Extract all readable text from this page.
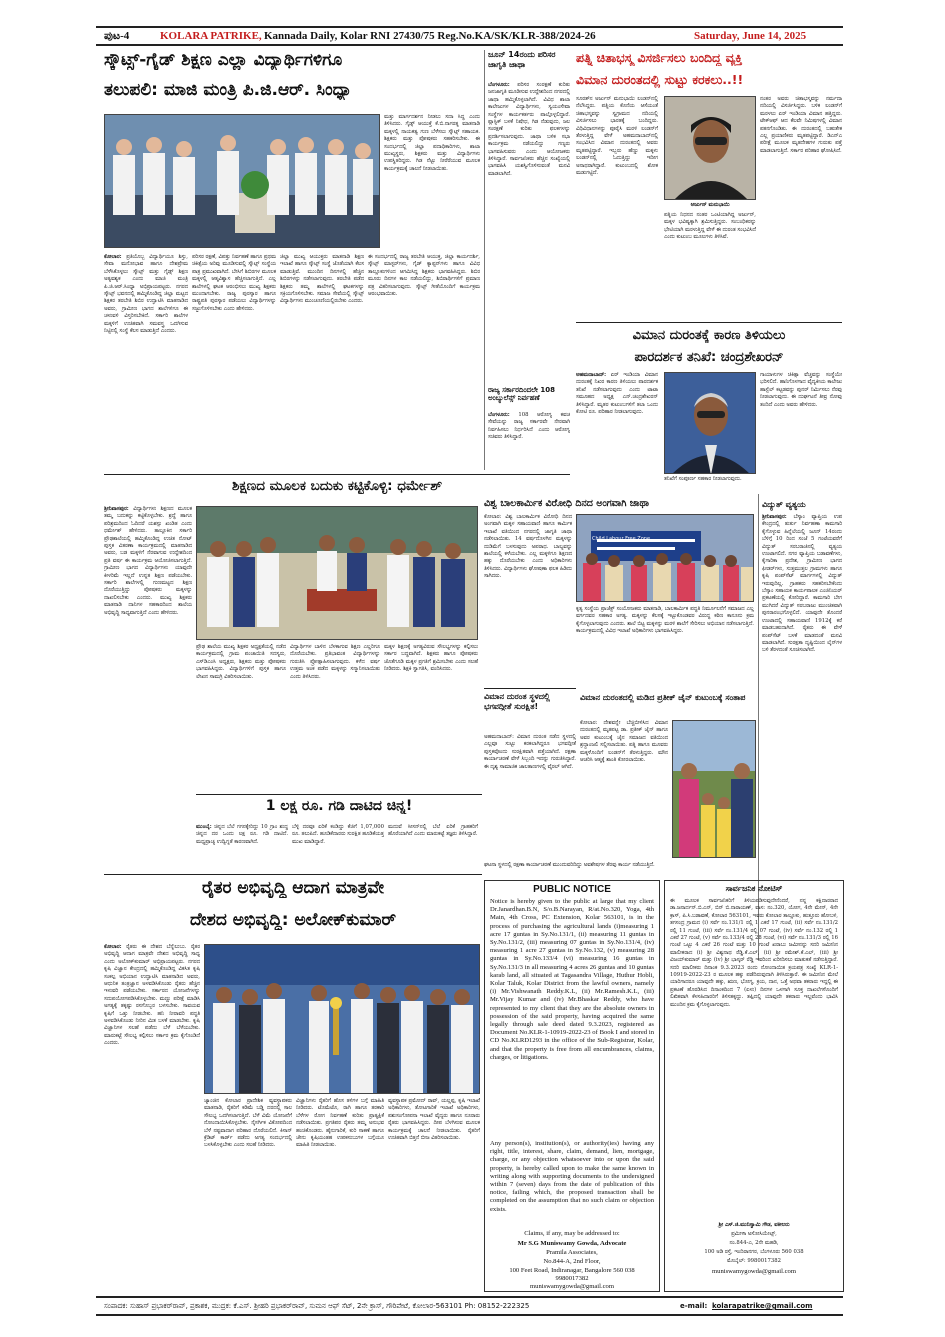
ಪುಟ-4	KOLARA PATRIKE, Kannada Daily, Kolar RNI 27430/75 Reg.No.KA/SK/KLR-388/2024-26	Saturday, June 14, 2025
ಸ್ಕೌಟ್ಸ್-ಗೈಡ್ ಶಿಕ್ಷಣ ಎಲ್ಲಾ ವಿದ್ಯಾರ್ಥಿಗಳಿಗೂ
ತಲುಪಲಿ: ಮಾಜಿ ಮಂತ್ರಿ ಪಿ.ಜಿ.ಆರ್. ಸಿಂಧ್ಯಾ
ಮತ್ತು ಮಾರ್ಗದರ್ಶನ ನೀಡಲು ಸದಾ ಸಿದ್ಧ ಎಂದು ತಿಳಿಸಿದರು. ಗೈಡ್ಸ್ ಆಯುಕ್ತೆ ಕೆ.ಬಿ.ನಾಗರತ್ನ ಮಾತನಾಡಿ ಮಕ್ಕಳಲ್ಲಿ ನಾಯಕತ್ವ ಗುಣ ಬೆಳೆಸಲು ಸ್ಕೌಟ್ಸ್ ಸಹಾಯಕ. ಶಿಕ್ಷಕರು ಮತ್ತು ಪೋಷಕರು ಸಹಕರಿಸಬೇಕು. ಈ ಸಂದರ್ಭದಲ್ಲಿ ಜಿಲ್ಲಾ ಪದಾಧಿಕಾರಿಗಳು, ಶಾಲಾ ಮುಖ್ಯಸ್ಥರು, ಶಿಕ್ಷಕರು ಮತ್ತು ವಿದ್ಯಾರ್ಥಿಗಳು ಉಪಸ್ಥಿತರಿದ್ದರು. ಗಿಡ ನೆಟ್ಟು ನೀರೆರೆಯುವ ಮೂಲಕ ಕಾರ್ಯಕ್ರಮಕ್ಕೆ ಚಾಲನೆ ನೀಡಲಾಯಿತು.
ಕೋಲಾರ: ಪ್ರತಿಯೊಬ್ಬ ವಿದ್ಯಾರ್ಥಿಯೂ ಶಿಸ್ತು, ಸೇವಾ ಮನೋಭಾವ ಹಾಗೂ ದೇಶಪ್ರೇಮ ಬೆಳೆಸಿಕೊಳ್ಳಲು ಸ್ಕೌಟ್ಸ್ ಮತ್ತು ಗೈಡ್ಸ್ ಶಿಕ್ಷಣ ಅತ್ಯವಶ್ಯಕ ಎಂದು ಮಾಜಿ ಮಂತ್ರಿ ಪಿ.ಜಿ.ಆರ್.ಸಿಂಧ್ಯಾ ಅಭಿಪ್ರಾಯಪಟ್ಟರು. ನಗರದ ಸ್ಕೌಟ್ಸ್ ಭವನದಲ್ಲಿ ಹಮ್ಮಿಕೊಂಡಿದ್ದ ಜಿಲ್ಲಾ ಮಟ್ಟದ ಶಿಕ್ಷಕರ ತರಬೇತಿ ಶಿಬಿರ ಉದ್ಘಾಟಿಸಿ ಮಾತನಾಡಿದ ಅವರು, ಗ್ರಾಮೀಣ ಭಾಗದ ಶಾಲೆಗಳಿಗೂ ಈ ಚಳುವಳಿ ವಿಸ್ತರಿಸಬೇಕಿದೆ. ಸರ್ಕಾರಿ ಶಾಲೆಗಳ ಮಕ್ಕಳಿಗೆ ಉಚಿತವಾಗಿ ಸಮವಸ್ತ್ರ ಒದಗಿಸುವ ನಿಟ್ಟಿನಲ್ಲಿ ಸಂಸ್ಥೆ ಕೆಲಸ ಮಾಡುತ್ತಿದೆ ಎಂದರು.
ಪರಿಸರ ರಕ್ಷಣೆ, ವಿಪತ್ತು ನಿರ್ವಹಣೆ ಹಾಗೂ ಪ್ರಥಮ ಚಿಕಿತ್ಸೆಯ ಅರಿವು ಮೂಡಿಸುವಲ್ಲಿ ಸ್ಕೌಟ್ಸ್ ಸಂಸ್ಥೆಯ ಪಾತ್ರ ಪ್ರಮುಖವಾಗಿದೆ. ಬೇಸಿಗೆ ಶಿಬಿರಗಳ ಮೂಲಕ ಮಕ್ಕಳಲ್ಲಿ ಆತ್ಮವಿಶ್ವಾಸ ಹೆಚ್ಚಿಸಲಾಗುತ್ತಿದೆ. ಎಲ್ಲ ಶಾಲೆಗಳಲ್ಲಿ ಘಟಕ ಆರಂಭಿಸಲು ಮುಖ್ಯ ಶಿಕ್ಷಕರು ಮುಂದಾಗಬೇಕು. ರಾಜ್ಯ ಪುರಸ್ಕಾರ ಹಾಗೂ ರಾಷ್ಟ್ರಪತಿ ಪುರಸ್ಕಾರ ಪಡೆಯಲು ವಿದ್ಯಾರ್ಥಿಗಳನ್ನು ಸಜ್ಜುಗೊಳಿಸಬೇಕು ಎಂದು ಹೇಳಿದರು.
ಜಿಲ್ಲಾ ಮುಖ್ಯ ಆಯುಕ್ತರು ಮಾತನಾಡಿ ಶಿಕ್ಷಣ ಇಲಾಖೆ ಹಾಗೂ ಸ್ಕೌಟ್ಸ್ ಸಂಸ್ಥೆ ಜೊತೆಯಾಗಿ ಕೆಲಸ ಮಾಡುತ್ತಿವೆ. ಮುಂದಿನ ದಿನಗಳಲ್ಲಿ ಹೆಚ್ಚಿನ ಶಿಬಿರಗಳನ್ನು ನಡೆಸಲಾಗುವುದು. ತರಬೇತಿ ಪಡೆದ ಶಿಕ್ಷಕರು ತಮ್ಮ ಶಾಲೆಗಳಲ್ಲಿ ಘಟಕಗಳನ್ನು ಸಕ್ರಿಯಗೊಳಿಸಬೇಕು. ಸಮಾಜ ಸೇವೆಯಲ್ಲಿ ಸ್ಕೌಟ್ಸ್ ವಿದ್ಯಾರ್ಥಿಗಳು ಮುಂಚೂಣಿಯಲ್ಲಿರಬೇಕು ಎಂದರು.
ಈ ಸಂದರ್ಭದಲ್ಲಿ ರಾಜ್ಯ ತರಬೇತಿ ಆಯುಕ್ತ, ಜಿಲ್ಲಾ ಕಾರ್ಯದರ್ಶಿ, ಸ್ಕೌಟ್ಸ್ ಮಾಸ್ಟರ್‌ಗಳು, ಗೈಡ್ ಕ್ಯಾಪ್ಟನ್‌ಗಳು ಹಾಗೂ ವಿವಿಧ ತಾಲ್ಲೂಕುಗಳಿಂದ ಆಗಮಿಸಿದ್ದ ಶಿಕ್ಷಕರು ಭಾಗವಹಿಸಿದ್ದರು. ಶಿಬಿರ ಮೂರು ದಿನಗಳ ಕಾಲ ನಡೆಯಲಿದ್ದು, ಶಿಬಿರಾರ್ಥಿಗಳಿಗೆ ಪ್ರಮಾಣ ಪತ್ರ ವಿತರಿಸಲಾಗುವುದು. ಸ್ಕೌಟ್ಸ್ ಗೀತೆಯೊಂದಿಗೆ ಕಾರ್ಯಕ್ರಮ ಆರಂಭವಾಯಿತು.
ಜೂನ್ 14ರಂದು ಪರಿಸರ ಜಾಗೃತಿ ಜಾಥಾ
ಬೆಂಗಳೂರು: ಪರಿಸರ ಸಂರಕ್ಷಣೆ ಕುರಿತು ಜನಜಾಗೃತಿ ಮೂಡಿಸುವ ಉದ್ದೇಶದಿಂದ ನಗರದಲ್ಲಿ ಜಾಥಾ ಹಮ್ಮಿಕೊಳ್ಳಲಾಗಿದೆ. ವಿವಿಧ ಶಾಲಾ ಕಾಲೇಜುಗಳ ವಿದ್ಯಾರ್ಥಿಗಳು, ಸ್ವಯಂಸೇವಾ ಸಂಸ್ಥೆಗಳ ಕಾರ್ಯಕರ್ತರು ಪಾಲ್ಗೊಳ್ಳಲಿದ್ದಾರೆ. ಪ್ಲಾಸ್ಟಿಕ್ ಬಳಕೆ ನಿಷೇಧ, ಗಿಡ ನೆಡುವುದು, ಜಲ ಸಂರಕ್ಷಣೆ ಕುರಿತು ಫಲಕಗಳನ್ನು ಪ್ರದರ್ಶಿಸಲಾಗುವುದು. ಜಾಥಾ ಬಳಿಕ ಸಭಾ ಕಾರ್ಯಕ್ರಮ ನಡೆಯಲಿದ್ದು ಗಣ್ಯರು ಭಾಗವಹಿಸುವರು ಎಂದು ಆಯೋಜಕರು ತಿಳಿಸಿದ್ದಾರೆ. ಸಾರ್ವಜನಿಕರು ಹೆಚ್ಚಿನ ಸಂಖ್ಯೆಯಲ್ಲಿ ಭಾಗವಹಿಸಿ ಯಶಸ್ವಿಗೊಳಿಸುವಂತೆ ಮನವಿ ಮಾಡಲಾಗಿದೆ.
ರಾಜ್ಯ ಸರ್ಕಾರದಿಂದಲೇ 108 ಅಂಬ್ಯುಲೆನ್ಸ್ ನಿರ್ವಹಣೆ
ಬೆಂಗಳೂರು: 108 ಆರೋಗ್ಯ ಕವಚ ಸೇವೆಯನ್ನು ರಾಜ್ಯ ಸರ್ಕಾರವೇ ನೇರವಾಗಿ ನಿರ್ವಹಿಸಲು ನಿರ್ಧರಿಸಿದೆ ಎಂದು ಆರೋಗ್ಯ ಸಚಿವರು ತಿಳಿಸಿದ್ದಾರೆ.
ಪತ್ನಿ ಚಿತಾಭಸ್ಮ ವಿಸರ್ಜಿಸಲು ಬಂದಿದ್ದ ವ್ಯಕ್ತಿ
ವಿಮಾನ ದುರಂತದಲ್ಲಿ ಸುಟ್ಟು ಕರಕಲು..!!
ಸೂರತ್‌ನ ಅರ್ಜುನ್ ಮನುಭಾಯಿ ಲಂಡನ್‌ನಲ್ಲಿ ನೆಲೆಸಿದ್ದರು. ಪತ್ನಿಯ ಕೊನೆಯ ಆಸೆಯಂತೆ ಚಿತಾಭಸ್ಮವನ್ನು ಸ್ವಗ್ರಾಮದ ನದಿಯಲ್ಲಿ ವಿಸರ್ಜಿಸಲು ಭಾರತಕ್ಕೆ ಬಂದಿದ್ದರು. ವಿಧಿವಿಧಾನಗಳನ್ನು ಪೂರೈಸಿ ಮರಳಿ ಲಂಡನ್‌ಗೆ ತೆರಳುತ್ತಿದ್ದ ವೇಳೆ ಅಹಮದಾಬಾದ್‌ನಲ್ಲಿ ಸಂಭವಿಸಿದ ವಿಮಾನ ದುರಂತದಲ್ಲಿ ಅವರು ಮೃತಪಟ್ಟಿದ್ದಾರೆ. ಇಬ್ಬರು ಹೆಣ್ಣು ಮಕ್ಕಳು ಲಂಡನ್‌ನಲ್ಲಿ ಓದುತ್ತಿದ್ದು ಇದೀಗ ಅನಾಥರಾಗಿದ್ದಾರೆ. ಕುಟುಂಬದಲ್ಲಿ ಶೋಕ ಮಡುಗಟ್ಟಿದೆ.
ಅರ್ಜುನ್ ಮನುಭಾಯಿ
ಪತ್ನಿಯ ನಿಧನದ ನಂತರ ಒಂಟಿಯಾಗಿದ್ದ ಅರ್ಜುನ್, ಮಕ್ಕಳ ಭವಿಷ್ಯಕ್ಕಾಗಿ ಶ್ರಮಿಸುತ್ತಿದ್ದರು. ಸಂಬಂಧಿಕರನ್ನು ಭೇಟಿಯಾಗಿ ಮರಳುತ್ತಿದ್ದ ವೇಳೆ ಈ ದುರಂತ ಸಂಭವಿಸಿದೆ ಎಂದು ಕುಟುಂಬ ಮೂಲಗಳು ತಿಳಿಸಿವೆ.
ನಂತರ ಅವರು ಚಿತಾಭಸ್ಮವನ್ನು ನರ್ಮದಾ ನದಿಯಲ್ಲಿ ವಿಸರ್ಜಿಸಿದ್ದರು. ಬಳಿಕ ಲಂಡನ್‌ಗೆ ಮರಳಲು ಏರ್ ಇಂಡಿಯಾ ವಿಮಾನ ಹತ್ತಿದ್ದರು. ಟೇಕ್‌ಆಫ್ ಆದ ಕೆಲವೇ ನಿಮಿಷಗಳಲ್ಲಿ ವಿಮಾನ ಪತನಗೊಂಡಿತು. ಈ ದುರಂತದಲ್ಲಿ ಬಹುತೇಕ ಎಲ್ಲ ಪ್ರಯಾಣಿಕರು ಮೃತಪಟ್ಟಿದ್ದಾರೆ. ಡಿಎನ್‌ಎ ಪರೀಕ್ಷೆ ಮೂಲಕ ಮೃತದೇಹಗಳ ಗುರುತು ಪತ್ತೆ ಮಾಡಲಾಗುತ್ತಿದೆ. ಸರ್ಕಾರ ಪರಿಹಾರ ಘೋಷಿಸಿದೆ.
ವಿಮಾನ ದುರಂತಕ್ಕೆ ಕಾರಣ ತಿಳಿಯಲು
ಪಾರದರ್ಶಕ ತನಿಖೆ: ಚಂದ್ರಶೇಖರನ್
ಅಹಮದಾಬಾದ್: ಏರ್ ಇಂಡಿಯಾ ವಿಮಾನ ದುರಂತಕ್ಕೆ ನಿಖರ ಕಾರಣ ತಿಳಿಯಲು ಪಾರದರ್ಶಕ ತನಿಖೆ ನಡೆಸಲಾಗುವುದು ಎಂದು ಟಾಟಾ ಸಮೂಹದ ಅಧ್ಯಕ್ಷ ಎನ್.ಚಂದ್ರಶೇಖರನ್ ತಿಳಿಸಿದ್ದಾರೆ. ಮೃತರ ಕುಟುಂಬಗಳಿಗೆ ತಲಾ ಒಂದು ಕೋಟಿ ರೂ. ಪರಿಹಾರ ನೀಡಲಾಗುವುದು.
ತನಿಖೆಗೆ ಸಂಪೂರ್ಣ ಸಹಕಾರ ನೀಡಲಾಗುವುದು.
ಗಾಯಾಳುಗಳ ಚಿಕಿತ್ಸಾ ವೆಚ್ಚವನ್ನು ಸಂಸ್ಥೆಯೇ ಭರಿಸಲಿದೆ. ಹಾನಿಗೊಳಗಾದ ವೈದ್ಯಕೀಯ ಕಾಲೇಜು ಹಾಸ್ಟೆಲ್ ಕಟ್ಟಡವನ್ನು ಪುನರ್ ನಿರ್ಮಿಸಲು ನೆರವು ನೀಡಲಾಗುವುದು. ಈ ದುರ್ಘಟನೆ ತೀವ್ರ ನೋವು ತಂದಿದೆ ಎಂದು ಅವರು ಹೇಳಿದರು.
ಶಿಕ್ಷಣದ ಮೂಲಕ ಬದುಕು ಕಟ್ಟಿಕೊಳ್ಳಿ: ಧರ್ಮೇಶ್
ಶ್ರೀನಿವಾಸಪುರ: ವಿದ್ಯಾರ್ಥಿಗಳು ಶಿಕ್ಷಣದ ಮೂಲಕ ತಮ್ಮ ಬದುಕನ್ನು ಕಟ್ಟಿಕೊಳ್ಳಬೇಕು. ಶ್ರದ್ಧೆ ಹಾಗೂ ಪರಿಶ್ರಮದಿಂದ ಓದಿದರೆ ಯಶಸ್ಸು ಖಂಡಿತ ಎಂದು ಧರ್ಮೇಶ್ ಹೇಳಿದರು. ತಾಲ್ಲೂಕಿನ ಸರ್ಕಾರಿ ಪ್ರೌಢಶಾಲೆಯಲ್ಲಿ ಹಮ್ಮಿಕೊಂಡಿದ್ದ ಉಚಿತ ನೋಟ್ ಪುಸ್ತಕ ವಿತರಣಾ ಕಾರ್ಯಕ್ರಮದಲ್ಲಿ ಮಾತನಾಡಿದ ಅವರು, ಬಡ ಮಕ್ಕಳಿಗೆ ನೆರವಾಗುವ ಉದ್ದೇಶದಿಂದ ಪ್ರತಿ ವರ್ಷ ಈ ಕಾರ್ಯಕ್ರಮ ಆಯೋಜಿಸಲಾಗುತ್ತಿದೆ. ಗ್ರಾಮೀಣ ಭಾಗದ ವಿದ್ಯಾರ್ಥಿಗಳು ಯಾವುದೇ ಕೀಳರಿಮೆ ಇಲ್ಲದೆ ಉನ್ನತ ಶಿಕ್ಷಣ ಪಡೆಯಬೇಕು. ಸರ್ಕಾರಿ ಶಾಲೆಗಳಲ್ಲಿ ಗುಣಮಟ್ಟದ ಶಿಕ್ಷಣ ದೊರೆಯುತ್ತಿದ್ದು ಪೋಷಕರು ಮಕ್ಕಳನ್ನು ದಾಖಲಿಸಬೇಕು ಎಂದರು. ಮುಖ್ಯ ಶಿಕ್ಷಕರು ಮಾತನಾಡಿ ದಾನಿಗಳ ಸಹಕಾರದಿಂದ ಶಾಲೆಯ ಅಭಿವೃದ್ಧಿ ಸಾಧ್ಯವಾಗುತ್ತಿದೆ ಎಂದು ಹೇಳಿದರು.
ಪ್ರೌಢ ಶಾಲೆಯ ಮುಖ್ಯ ಶಿಕ್ಷಕರ ಅಧ್ಯಕ್ಷತೆಯಲ್ಲಿ ನಡೆದ ಕಾರ್ಯಕ್ರಮದಲ್ಲಿ ಗ್ರಾಮ ಪಂಚಾಯಿತಿ ಸದಸ್ಯರು, ಎಸ್‌ಡಿಎಂಸಿ ಅಧ್ಯಕ್ಷರು, ಶಿಕ್ಷಕರು ಮತ್ತು ಪೋಷಕರು ಭಾಗವಹಿಸಿದ್ದರು. ವಿದ್ಯಾರ್ಥಿಗಳಿಗೆ ಪುಸ್ತಕ ಹಾಗೂ ಲೇಖನ ಸಾಮಗ್ರಿ ವಿತರಿಸಲಾಯಿತು.
ವಿದ್ಯಾರ್ಥಿಗಳ ಬಾಳಿನ ಬೆಳಕಾಗುವ ಶಿಕ್ಷಣ ಎಲ್ಲರಿಗೂ ದೊರೆಯಬೇಕು. ಪ್ರತಿಭಾವಂತ ವಿದ್ಯಾರ್ಥಿಗಳನ್ನು ಗುರುತಿಸಿ ಪ್ರೋತ್ಸಾಹಿಸಲಾಗುವುದು. ಕಳೆದ ವರ್ಷ ಉತ್ತಮ ಅಂಕ ಪಡೆದ ಮಕ್ಕಳನ್ನು ಸನ್ಮಾನಿಸಲಾಯಿತು ಎಂದು ತಿಳಿಸಿದರು.
ಮಕ್ಕಳ ಶಿಕ್ಷಣಕ್ಕೆ ಅಗತ್ಯವಿರುವ ಸೌಲಭ್ಯಗಳನ್ನು ಕಲ್ಪಿಸಲು ಸರ್ಕಾರ ಬದ್ಧವಾಗಿದೆ. ಶಿಕ್ಷಕರು ಹಾಗೂ ಪೋಷಕರು ಜೊತೆಗೂಡಿ ಮಕ್ಕಳ ಪ್ರಗತಿಗೆ ಶ್ರಮಿಸಬೇಕು ಎಂದು ಸಲಹೆ ನೀಡಿದರು. ಶಿಕ್ಷಕಿ ಸ್ವಾಗತಿಸಿ, ವಂದಿಸಿದರು.
ವಿಶ್ವ ಬಾಲಕಾರ್ಮಿಕ ವಿರೋಧಿ ದಿನದ ಅಂಗವಾಗಿ ಜಾಥಾ
ಕೋಲಾರ: ವಿಶ್ವ ಬಾಲಕಾರ್ಮಿಕ ವಿರೋಧಿ ದಿನದ ಅಂಗವಾಗಿ ಮಕ್ಕಳ ಸಹಾಯವಾಣಿ ಹಾಗೂ ಕಾರ್ಮಿಕ ಇಲಾಖೆ ವತಿಯಿಂದ ನಗರದಲ್ಲಿ ಜಾಗೃತಿ ಜಾಥಾ ನಡೆಸಲಾಯಿತು. 14 ವರ್ಷದೊಳಗಿನ ಮಕ್ಕಳನ್ನು ದುಡಿಮೆಗೆ ಬಳಸುವುದು ಅಪರಾಧ. ಬಾಲ್ಯವನ್ನು ಶಾಲೆಯಲ್ಲಿ ಕಳೆಯಬೇಕು. ಎಲ್ಲ ಮಕ್ಕಳಿಗೂ ಶಿಕ್ಷಣದ ಹಕ್ಕು ದೊರೆಯಬೇಕು ಎಂದು ಅಧಿಕಾರಿಗಳು ತಿಳಿಸಿದರು. ವಿದ್ಯಾರ್ಥಿಗಳು ಘೋಷಣಾ ಫಲಕ ಹಿಡಿದು ಸಾಗಿದರು.
Child Labour Free Zone
ಕೃತ್ಯ ಸಂಸ್ಥೆಯ ಪ್ರಾಜೆಕ್ಟ್ ಸಂಯೋಜಕರು ಮಾತನಾಡಿ, ಬಾಲಕಾರ್ಮಿಕ ಪದ್ಧತಿ ನಿರ್ಮೂಲನೆಗೆ ಸಮಾಜದ ಎಲ್ಲ ವರ್ಗದವರ ಸಹಕಾರ ಅಗತ್ಯ. ಮಕ್ಕಳನ್ನು ಕೆಲಸಕ್ಕೆ ಇಟ್ಟುಕೊಂಡವರ ವಿರುದ್ಧ ಕಠಿಣ ಕಾನೂನು ಕ್ರಮ ಕೈಗೊಳ್ಳಲಾಗುವುದು ಎಂದರು. ಶಾಲೆ ಬಿಟ್ಟ ಮಕ್ಕಳನ್ನು ಮರಳಿ ಶಾಲೆಗೆ ಸೇರಿಸಲು ಅಭಿಯಾನ ನಡೆಸಲಾಗುತ್ತಿದೆ. ಕಾರ್ಯಕ್ರಮದಲ್ಲಿ ವಿವಿಧ ಇಲಾಖೆ ಅಧಿಕಾರಿಗಳು ಭಾಗವಹಿಸಿದ್ದರು.
ವಿದ್ಯುತ್ ವ್ಯತ್ಯಯ
ಶ್ರೀನಿವಾಸಪುರ: ಬೆಸ್ಕಾಂ ವ್ಯಾಪ್ತಿಯ ಉಪ ಕೇಂದ್ರದಲ್ಲಿ ತುರ್ತು ನಿರ್ವಹಣಾ ಕಾಮಗಾರಿ ಕೈಗೊಳ್ಳುವ ಹಿನ್ನೆಲೆಯಲ್ಲಿ ಜೂನ್ 14ರಂದು ಬೆಳಿಗ್ಗೆ 10 ರಿಂದ ಸಂಜೆ 5 ಗಂಟೆಯವರೆಗೆ ವಿದ್ಯುತ್ ಸರಬರಾಜಿನಲ್ಲಿ ವ್ಯತ್ಯಯ ಉಂಟಾಗಲಿದೆ. ನಗರ ವ್ಯಾಪ್ತಿಯ ಬಡಾವಣೆಗಳು, ಕೈಗಾರಿಕಾ ಪ್ರದೇಶ, ಗ್ರಾಮೀಣ ಭಾಗದ ಫೀಡರ್‌ಗಳು, ಸುತ್ತಮುತ್ತಲ ಗ್ರಾಮಗಳು ಹಾಗೂ ಕೃಷಿ ಪಂಪ್‌ಸೆಟ್ ಮಾರ್ಗಗಳಲ್ಲಿ ವಿದ್ಯುತ್ ಇರುವುದಿಲ್ಲ. ಗ್ರಾಹಕರು ಸಹಕರಿಸಬೇಕೆಂದು ಬೆಸ್ಕಾಂ ಸಹಾಯಕ ಕಾರ್ಯಪಾಲಕ ಎಂಜಿನಿಯರ್ ಪ್ರಕಟಣೆಯಲ್ಲಿ ಕೋರಿದ್ದಾರೆ. ಕಾಮಗಾರಿ ಬೇಗ ಮುಗಿದರೆ ವಿದ್ಯುತ್ ಸರಬರಾಜು ಮುಂಚಿತವಾಗಿ ಪುನರಾರಂಭಗೊಳ್ಳಲಿದೆ. ಯಾವುದೇ ತೊಂದರೆ ಉಂಟಾದಲ್ಲಿ ಸಹಾಯವಾಣಿ 1912ಕ್ಕೆ ಕರೆ ಮಾಡಬಹುದಾಗಿದೆ. ರೈತರು ಈ ವೇಳೆ ಪಂಪ್‌ಸೆಟ್ ಬಳಕೆ ಮಾಡದಂತೆ ಮನವಿ ಮಾಡಲಾಗಿದೆ. ಸುರಕ್ಷತಾ ದೃಷ್ಟಿಯಿಂದ ಲೈನ್‌ಗಳ ಬಳಿ ತೆರಳದಂತೆ ಸೂಚಿಸಲಾಗಿದೆ.
ವಿಮಾನ ದುರಂತ ಸ್ಥಳದಲ್ಲಿ ಭಗವದ್ಗೀತೆ ಸುರಕ್ಷಿತ!
ಅಹಮದಾಬಾದ್: ವಿಮಾನ ದುರಂತ ನಡೆದ ಸ್ಥಳದಲ್ಲಿ ಎಲ್ಲವೂ ಸುಟ್ಟು ಕರಕಲಾಗಿದ್ದರೂ ಭಗವದ್ಗೀತೆ ಪುಸ್ತಕವೊಂದು ಸುರಕ್ಷಿತವಾಗಿ ಪತ್ತೆಯಾಗಿದೆ. ರಕ್ಷಣಾ ಕಾರ್ಯಾಚರಣೆ ವೇಳೆ ಸಿಬ್ಬಂದಿ ಇದನ್ನು ಗುರುತಿಸಿದ್ದಾರೆ. ಈ ದೃಶ್ಯ ಸಾಮಾಜಿಕ ಜಾಲತಾಣಗಳಲ್ಲಿ ವೈರಲ್ ಆಗಿದೆ.
ವಿಮಾನ ದುರಂತದಲ್ಲಿ ಮಡಿದ ಪ್ರತೀಕ್ ಜೈನ್ ಕುಟುಂಬಕ್ಕೆ ಸಂತಾಪ
ಕೋಲಾರ: ದೇಶವನ್ನೇ ಬೆಚ್ಚಿಬೀಳಿಸಿದ ವಿಮಾನ ದುರಂತದಲ್ಲಿ ಮೃತಪಟ್ಟ ಡಾ. ಪ್ರತೀಕ್ ಜೈನ್ ಹಾಗೂ ಅವರ ಕುಟುಂಬಕ್ಕೆ ಜೈನ ಸಮಾಜದ ವತಿಯಿಂದ ಶ್ರದ್ಧಾಂಜಲಿ ಸಲ್ಲಿಸಲಾಯಿತು. ಪತ್ನಿ ಹಾಗೂ ಮೂವರು ಮಕ್ಕಳೊಂದಿಗೆ ಲಂಡನ್‌ಗೆ ತೆರಳುತ್ತಿದ್ದರು. ಮೌನ ಆಚರಿಸಿ ಆತ್ಮಕ್ಕೆ ಶಾಂತಿ ಕೋರಲಾಯಿತು.
1 ಲಕ್ಷ ರೂ. ಗಡಿ ದಾಟಿದ ಚಿನ್ನ!
ಮುಂಬೈ: ಚಿನ್ನದ ಬೆಲೆ ಗಗನಕ್ಕೇರಿದ್ದು 10 ಗ್ರಾಂ ಶುದ್ಧ ಚಿನ್ನದ ದರ ಒಂದು ಲಕ್ಷ ರೂ. ಗಡಿ ದಾಟಿದೆ. ಮಧ್ಯಪ್ರಾಚ್ಯ ಉದ್ವಿಗ್ನತೆ ಕಾರಣವಾಗಿದೆ.
ಬೆಳ್ಳಿ ದರವೂ ಏರಿಕೆ ಕಂಡಿದ್ದು ಕೆಜಿಗೆ 1,07,000 ರೂ. ತಲುಪಿದೆ. ಹೂಡಿಕೆದಾರರು ಸುರಕ್ಷಿತ ಹೂಡಿಕೆಯತ್ತ ಮುಖ ಮಾಡಿದ್ದಾರೆ.
ಮದುವೆ ಸೀಸನ್‌ನಲ್ಲಿ ಬೆಲೆ ಏರಿಕೆ ಗ್ರಾಹಕರಿಗೆ ಹೊರೆಯಾಗಿದೆ ಎಂದು ಮಾರುಕಟ್ಟೆ ತಜ್ಞರು ತಿಳಿಸಿದ್ದಾರೆ.
ಘಟನಾ ಸ್ಥಳದಲ್ಲಿ ರಕ್ಷಣಾ ಕಾರ್ಯಾಚರಣೆ ಮುಂದುವರಿದಿದ್ದು ಅವಶೇಷಗಳ ತೆರವು ಕಾರ್ಯ ನಡೆಯುತ್ತಿದೆ.
ರೈತರ ಅಭಿವೃದ್ಧಿ ಆದಾಗ ಮಾತ್ರವೇ
ದೇಶದ ಅಭಿವೃದ್ಧಿ: ಅಲೋಕ್‌ಕುಮಾರ್
ಕೋಲಾರ: ರೈತರು ಈ ದೇಶದ ಬೆನ್ನೆಲುಬು. ರೈತರ ಅಭಿವೃದ್ಧಿ ಆದಾಗ ಮಾತ್ರವೇ ದೇಶದ ಅಭಿವೃದ್ಧಿ ಸಾಧ್ಯ ಎಂದು ಅಲೋಕ್‌ಕುಮಾರ್ ಅಭಿಪ್ರಾಯಪಟ್ಟರು. ನಗರದ ಕೃಷಿ ವಿಜ್ಞಾನ ಕೇಂದ್ರದಲ್ಲಿ ಹಮ್ಮಿಕೊಂಡಿದ್ದ ವಿಕಸಿತ ಕೃಷಿ ಸಂಕಲ್ಪ ಅಭಿಯಾನ ಉದ್ಘಾಟಿಸಿ ಮಾತನಾಡಿದ ಅವರು, ಆಧುನಿಕ ತಂತ್ರಜ್ಞಾನ ಅಳವಡಿಸಿಕೊಂಡು ರೈತರು ಹೆಚ್ಚಿನ ಇಳುವರಿ ಪಡೆಯಬೇಕು. ಸರ್ಕಾರದ ಯೋಜನೆಗಳನ್ನು ಸದುಪಯೋಗಪಡಿಸಿಕೊಳ್ಳಬೇಕು. ಮಣ್ಣು ಪರೀಕ್ಷೆ ಮಾಡಿಸಿ ಅಗತ್ಯಕ್ಕೆ ತಕ್ಕಷ್ಟು ರಸಗೊಬ್ಬರ ಬಳಸಬೇಕು. ಸಾವಯವ ಕೃಷಿಗೆ ಒತ್ತು ನೀಡಬೇಕು. ಹನಿ ನೀರಾವರಿ ಪದ್ಧತಿ ಅಳವಡಿಸಿಕೊಂಡು ನೀರಿನ ಮಿತ ಬಳಕೆ ಮಾಡಬೇಕು. ಕೃಷಿ ವಿಜ್ಞಾನಿಗಳ ಸಲಹೆ ಪಡೆದು ಬೆಳೆ ಬೆಳೆಯಬೇಕು. ಮಾರುಕಟ್ಟೆ ಸೌಲಭ್ಯ ಕಲ್ಪಿಸಲು ಸರ್ಕಾರ ಕ್ರಮ ಕೈಗೊಂಡಿದೆ ಎಂದರು.
ಜ್ಯಾಂಜಿನ ಕೋಲಾರ ಪ್ರಾದೇಶಿಕ ವ್ಯವಸ್ಥಾಪಕರು ಮಾತನಾಡಿ, ರೈತರಿಗೆ ಕಡಿಮೆ ಬಡ್ಡಿ ದರದಲ್ಲಿ ಸಾಲ ಸೌಲಭ್ಯ ಒದಗಿಸಲಾಗುತ್ತಿದೆ. ಬೆಳೆ ವಿಮೆ ಯೋಜನೆಗೆ ನೋಂದಾಯಿಸಿಕೊಳ್ಳಬೇಕು. ನೈಸರ್ಗಿಕ ವಿಕೋಪದಿಂದ ಬೆಳೆ ನಷ್ಟವಾದಾಗ ಪರಿಹಾರ ದೊರೆಯಲಿದೆ. ಕಿಸಾನ್ ಕ್ರೆಡಿಟ್ ಕಾರ್ಡ್ ಪಡೆದು ಅಗತ್ಯ ಸಂದರ್ಭದಲ್ಲಿ ಬಳಸಿಕೊಳ್ಳಬೇಕು ಎಂದು ಸಲಹೆ ನೀಡಿದರು.
ವಿಜ್ಞಾನಿಗಳು ರೈತರಿಗೆ ಹೊಸ ತಳಿಗಳ ಬಗ್ಗೆ ಮಾಹಿತಿ ನೀಡಿದರು. ಟೊಮೆಟೊ, ರಾಗಿ ಹಾಗೂ ತರಕಾರಿ ಬೆಳೆಗಳ ರೋಗ ನಿರ್ವಹಣೆ ಕುರಿತು ಪ್ರಾತ್ಯಕ್ಷಿಕೆ ನಡೆಸಲಾಯಿತು. ಪ್ರಗತಿಪರ ರೈತರು ತಮ್ಮ ಅನುಭವ ಹಂಚಿಕೊಂಡರು. ಹೈನುಗಾರಿಕೆ, ಕುರಿ ಸಾಕಣೆ ಹಾಗೂ ಜೇನು ಕೃಷಿಯಂತಹ ಉಪಕಸುಬುಗಳ ಬಗ್ಗೆಯೂ ಮಾಹಿತಿ ನೀಡಲಾಯಿತು.
ವ್ಯವಸ್ಥಾಪಕ ಪ್ರಮೋದ್ ರಾವ್, ಯಲ್ಲಪ್ಪ, ಕೃಷಿ ಇಲಾಖೆ ಅಧಿಕಾರಿಗಳು, ತೋಟಗಾರಿಕೆ ಇಲಾಖೆ ಅಧಿಕಾರಿಗಳು, ಪಶುಸಂಗೋಪನಾ ಇಲಾಖೆ ವೈದ್ಯರು ಹಾಗೂ ನೂರಾರು ರೈತರು ಭಾಗವಹಿಸಿದ್ದರು. ದೀಪ ಬೆಳಗಿಸುವ ಮೂಲಕ ಕಾರ್ಯಕ್ರಮಕ್ಕೆ ಚಾಲನೆ ನೀಡಲಾಯಿತು. ರೈತರಿಗೆ ಉಚಿತವಾಗಿ ಬಿತ್ತನೆ ಬೀಜ ವಿತರಿಸಲಾಯಿತು.
PUBLIC NOTICE
Notice is hereby given to the public at large that my client Dr.Janardhan.B.N, S/o.B.Narayan, R/at.No.320, Yoga, 4th Main, 4th Cross, PC Extension, Kolar 563101, is in the process of purchasing the agricultural lands (i)measuring 1 acre 17 guntas in Sy.No.131/1, (ii) measuring 11 guntas in Sy.No.131/2, (iii) measuring 07 guntas in Sy.No.131/4, (iv) measuring 1 acre 27 guntas in Sy.No.132, (v) measuring 28 guntas in Sy.No.133/4 (vi) measuring 16 guntas in Sy.No.131/3 in all measuring 4 acres 26 guntas and 10 guntas karab land, all situated at Tagasandra Village, Huthur Hobli, Kolar Taluk, Kolar District from the lawful owners, namely (i) Mr.Vishwanath Reddy.K.L, (ii) Mr.Ramesh.K.L, (iii) Mr.Vijay Kumar and (iv) Mr.Bhaskar Reddy, who have represented to my client that they are the absolute owners in possession of the said property, having acquired the same legally through sale deed dated 9.3.2023, registered as Document No.KLR-1-10919-2022-23 of Book I and stored in CD No.KLRD1293 in the office of the Sub-Registrar, Kolar, and that the property is free from all encumbrances, claims, charges, or litigations.
Any person(s), institution(s), or authority(ies) having any right, title, interest, share, claim, demand, lien, mortgage, charge, or any objection whatsoever into or upon the said property, is hereby called upon to make the same known in writing along with supporting documents to the undersigned within 7 (seven) days from the date of publication of this notice, failing which, the proposed transaction shall be completed on the assumption that no such claim or objection exists.
Claims, if any, may be addressed to:
Mr S.G Muniswamy Gowda, Advocate
Pramila Associates,
No.844-A, 2nd Floor,
100 Feet Road, Indiranagar, Bangalore 560 038
9980017382
muniswamygowda@gmail.com
ಸಾರ್ವಜನಿಕ ನೋಟಿಸ್
ಈ ಮೂಲಕ ಸಾರ್ವಜನಿಕರಿಗೆ ತಿಳಿಯಪಡಿಸುವುದೇನೆಂದರೆ, ನನ್ನ ಕಕ್ಷಿದಾರರಾದ ಡಾ.ಜನಾರ್ದನ್.ಬಿ.ಎನ್, ಬಿನ್ ಬಿ.ನಾರಾಯಣ್, ವಾಸ: ನಂ.320, ಯೋಗ, 4ನೇ ಮೇನ್, 4ನೇ ಕ್ರಾಸ್, ಪಿ.ಸಿ.ಬಡಾವಣೆ, ಕೋಲಾರ 563101, ಇವರು ಕೋಲಾರ ತಾಲ್ಲೂಕು, ಹುತ್ತೂರು ಹೋಬಳಿ, ತಗಸಂದ್ರ ಗ್ರಾಮದ (i) ಸರ್ವೆ ನಂ.131/1 ರಲ್ಲಿ 1 ಎಕರೆ 17 ಗುಂಟೆ, (ii) ಸರ್ವೆ ನಂ.131/2 ರಲ್ಲಿ 11 ಗುಂಟೆ, (iii) ಸರ್ವೆ ನಂ.131/4 ರಲ್ಲಿ 07 ಗುಂಟೆ, (iv) ಸರ್ವೆ ನಂ.132 ರಲ್ಲಿ 1 ಎಕರೆ 27 ಗುಂಟೆ, (v) ಸರ್ವೆ ನಂ.133/4 ರಲ್ಲಿ 28 ಗುಂಟೆ, (vi) ಸರ್ವೆ ನಂ.131/3 ರಲ್ಲಿ 16 ಗುಂಟೆ ಒಟ್ಟು 4 ಎಕರೆ 26 ಗುಂಟೆ ಮತ್ತು 10 ಗುಂಟೆ ಖರಾಬು ಜಮೀನನ್ನು ಸದರಿ ಜಮೀನಿನ ಮಾಲೀಕರಾದ (i) ಶ್ರೀ ವಿಶ್ವನಾಥ ರೆಡ್ಡಿ.ಕೆ.ಎಲ್, (ii) ಶ್ರೀ ರಮೇಶ್.ಕೆ.ಎಲ್, (iii) ಶ್ರೀ ವಿಜಯ್‌ಕುಮಾರ್ ಮತ್ತು (iv) ಶ್ರೀ ಭಾಸ್ಕರ್ ರೆಡ್ಡಿ ಇವರಿಂದ ಖರೀದಿಸಲು ಮಾತುಕತೆ ನಡೆಸುತ್ತಿದ್ದಾರೆ. ಸದರಿ ಮಾಲೀಕರು ದಿನಾಂಕ 9.3.2023 ರಂದು ನೋಂದಾಯಿತ ಕ್ರಯಪತ್ರ ಸಂಖ್ಯೆ KLR-1-10919-2022-23 ರ ಮೂಲಕ ಹಕ್ಕು ಪಡೆದಿರುವುದಾಗಿ ತಿಳಿಸಿರುತ್ತಾರೆ. ಈ ಜಮೀನಿನ ಮೇಲೆ ಯಾರಿಗಾದರೂ ಯಾವುದೇ ಹಕ್ಕು, ಋಣ, ಭೋಗ್ಯ, ಕ್ರಯ, ದಾನ, ಒತ್ತೆ ಅಥವಾ ತಕರಾರು ಇದ್ದಲ್ಲಿ ಈ ಪ್ರಕಟಣೆ ಹೊರಡಿಸಿದ ದಿನಾಂಕದಿಂದ 7 (ಏಳು) ದಿನಗಳ ಒಳಗಾಗಿ ಸೂಕ್ತ ದಾಖಲೆಗಳೊಂದಿಗೆ ಲಿಖಿತವಾಗಿ ಕೆಳಸಹಿದಾರರಿಗೆ ತಿಳಿಸತಕ್ಕದ್ದು. ತಪ್ಪಿದಲ್ಲಿ ಯಾವುದೇ ತಕರಾರು ಇಲ್ಲವೆಂದು ಭಾವಿಸಿ ಮುಂದಿನ ಕ್ರಮ ಕೈಗೊಳ್ಳಲಾಗುವುದು.
ಶ್ರೀ ಎಸ್.ಜಿ.ಮುನಿಸ್ವಾಮಿ ಗೌಡ, ವಕೀಲರು
ಪ್ರಮೀಳಾ ಅಸೋಸಿಯೇಟ್ಸ್,
ನಂ.844-ಎ, 2ನೇ ಮಹಡಿ,
100 ಅಡಿ ರಸ್ತೆ, ಇಂದಿರಾನಗರ, ಬೆಂಗಳೂರು 560 038
ಮೊಬೈಲ್: 9980017382
muniswamygowda@gmail.com
ಸಂಪಾದಕ: ಸುಹಾಸ್ ಪ್ರಭಾಕರ್‌ರಾವ್, ಪ್ರಕಾಶಕ, ಮುದ್ರಕ: ಕೆ.ಎಸ್. ಶ್ರೀಹರಿ ಪ್ರಭಾಕರ್‌ರಾವ್, ಸುಮನ ಆಫ್ ಸೆಟ್, 2ನೇ ಕ್ರಾಸ್, ಗೌರಿಪೇಟೆ, ಕೋಲಾರ-563101 Ph: 08152-222325	e-mail: kolarapatrike@gmail.com
